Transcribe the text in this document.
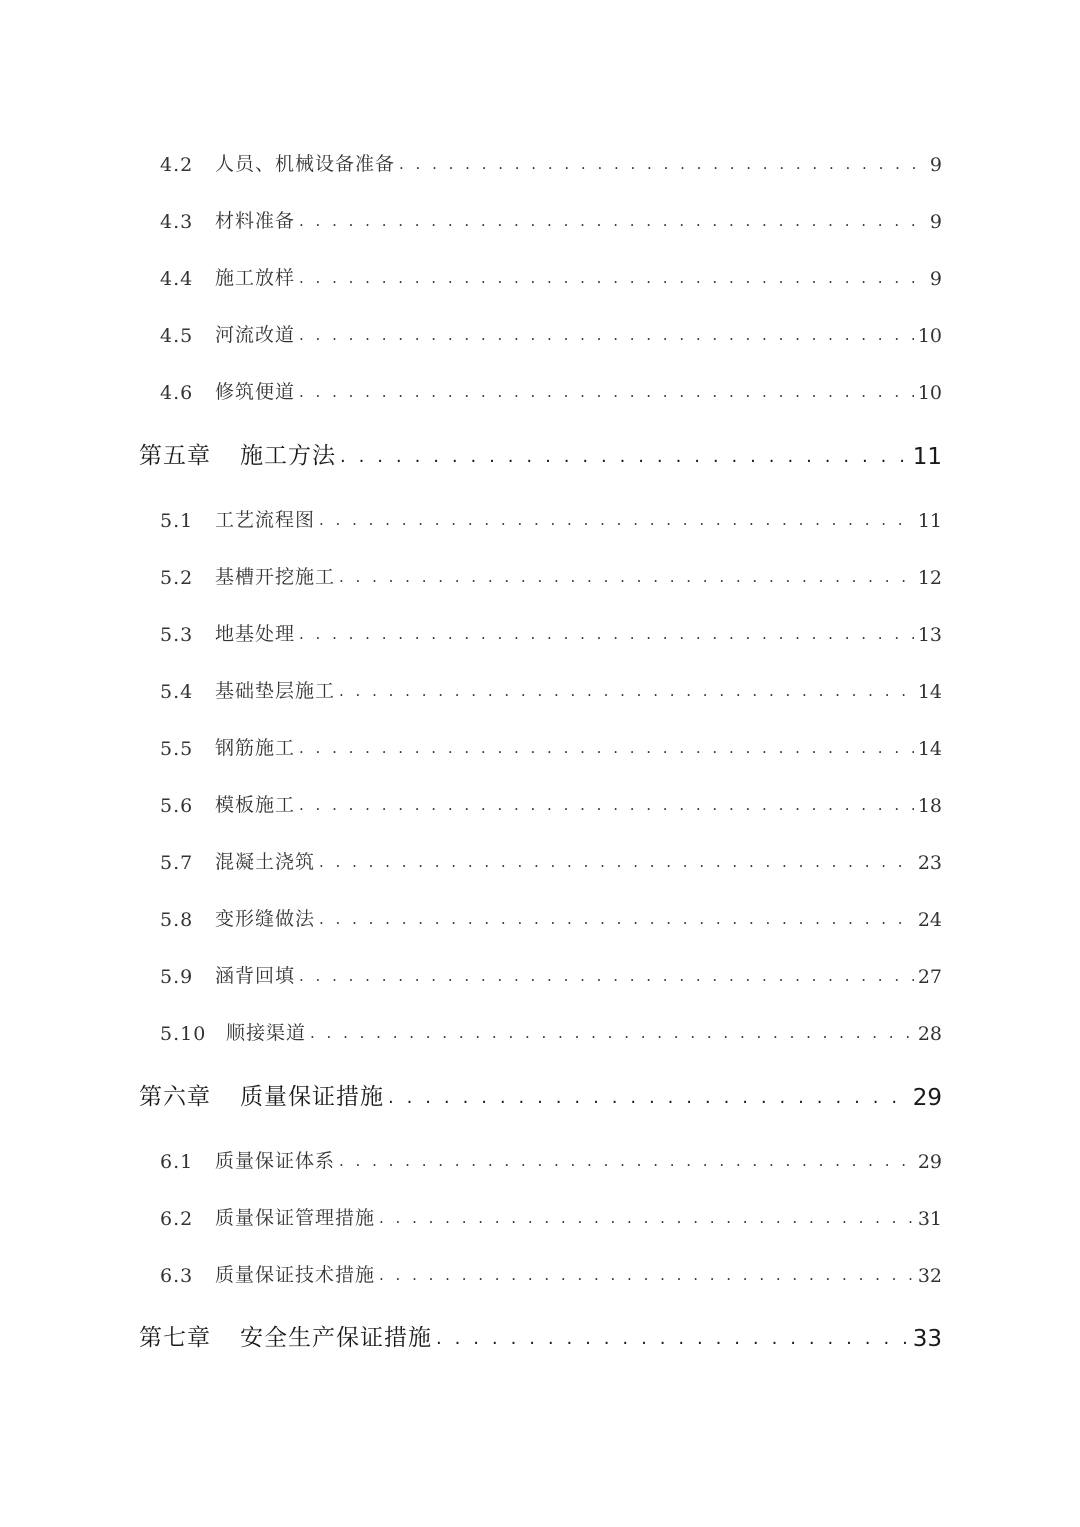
4.2	人员、机械设备准备 . . .	9
4.3	材料准备 . . .	9
4.4	施工放样 . . .	9
4.5	河流改道 . . .	10
4.6	修筑便道 . . .	10
第五章	施工方法 . . .	11
5.1	工艺流程图 . . .	11
5.2	基槽开挖施工 . . .	12
5.3	地基处理 . . .	13
5.4	基础垫层施工 . . .	14
5.5	钢筋施工 . . .	14
5.6	模板施工 . . .	18
5.7	混凝土浇筑 . . .	23
5.8	变形缝做法 . . .	24
5.9	涵背回填 . . .	27
5.10	顺接渠道 . . .	28
第六章	质量保证措施 . . .	29
6.1	质量保证体系 . . .	29
6.2	质量保证管理措施 . . .	31
6.3	质量保证技术措施 . . .	32
第七章	安全生产保证措施 . . .	33
